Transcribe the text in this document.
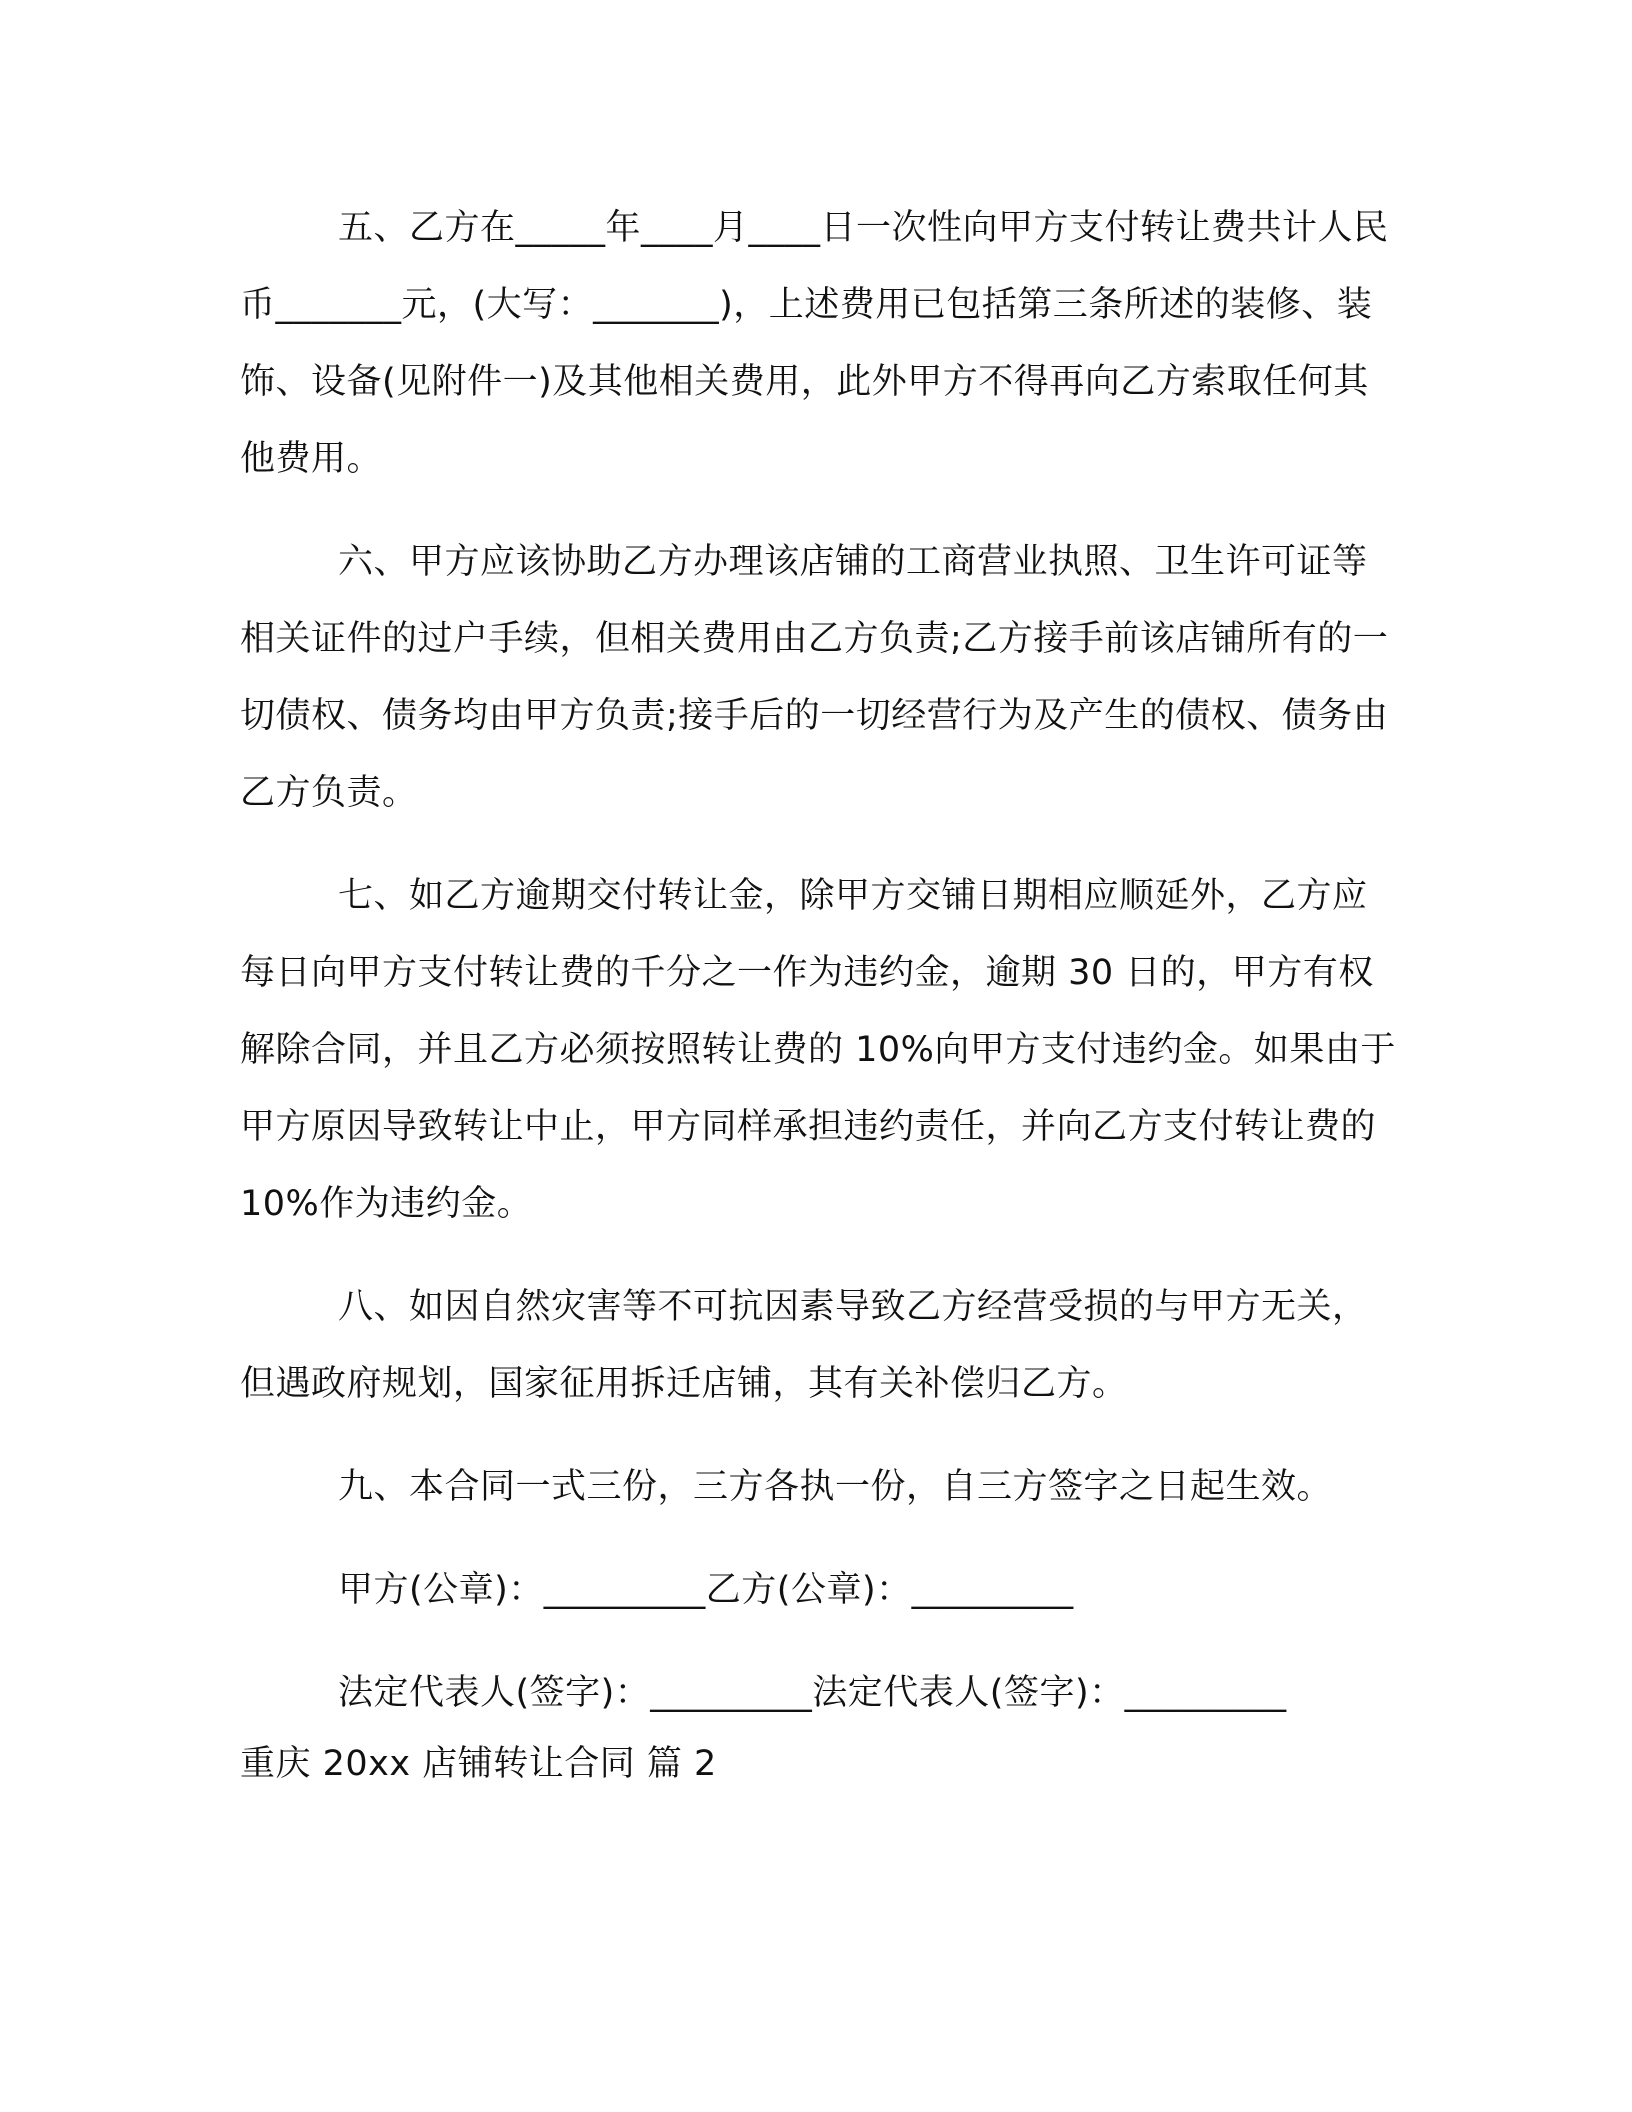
五、乙方在_____年____月____日一次性向甲方支付转让费共计人民币_______元，(大写：_______)，上述费用已包括第三条所述的装修、装饰、设备(见附件一)及其他相关费用，此外甲方不得再向乙方索取任何其他费用。

六、甲方应该协助乙方办理该店铺的工商营业执照、卫生许可证等相关证件的过户手续，但相关费用由乙方负责;乙方接手前该店铺所有的一切债权、债务均由甲方负责;接手后的一切经营行为及产生的债权、债务由乙方负责。

七、如乙方逾期交付转让金，除甲方交铺日期相应顺延外，乙方应每日向甲方支付转让费的千分之一作为违约金，逾期 30 日的，甲方有权解除合同，并且乙方必须按照转让费的 10%向甲方支付违约金。如果由于甲方原因导致转让中止，甲方同样承担违约责任，并向乙方支付转让费的 10%作为违约金。

八、如因自然灾害等不可抗因素导致乙方经营受损的与甲方无关，但遇政府规划，国家征用拆迁店铺，其有关补偿归乙方。

九、本合同一式三份，三方各执一份，自三方签字之日起生效。

甲方(公章)：_________乙方(公章)：_________

法定代表人(签字)：_________法定代表人(签字)：_________

重庆 20xx 店铺转让合同 篇 2
